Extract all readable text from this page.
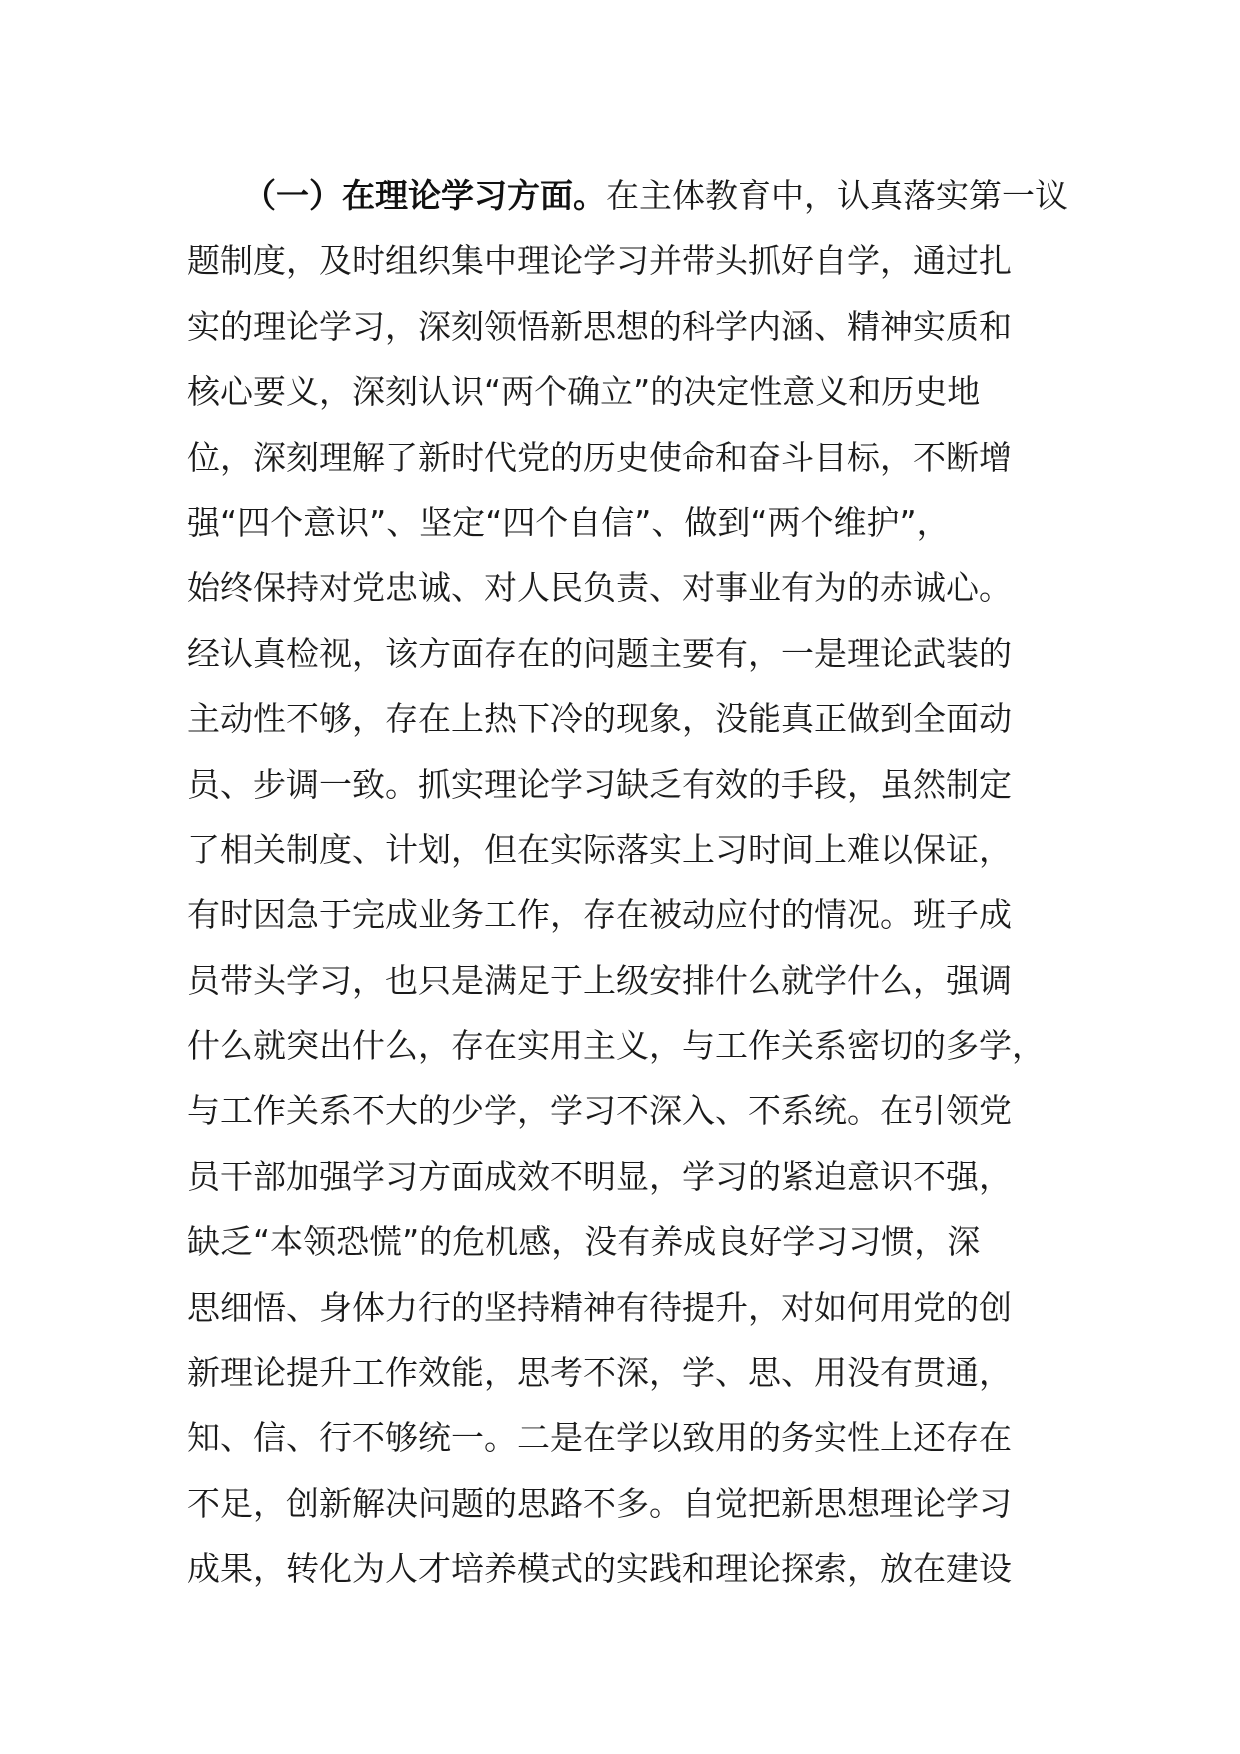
（一）在理论学习方面。在主体教育中，认真落实第一议
题制度，及时组织集中理论学习并带头抓好自学，通过扎
实的理论学习，深刻领悟新思想的科学内涵、精神实质和
核心要义，深刻认识“两个确立”的决定性意义和历史地
位，深刻理解了新时代党的历史使命和奋斗目标，不断增
强“四个意识”、坚定“四个自信”、做到“两个维护”，
始终保持对党忠诚、对人民负责、对事业有为的赤诚心。
经认真检视，该方面存在的问题主要有，一是理论武装的
主动性不够，存在上热下冷的现象，没能真正做到全面动
员、步调一致。抓实理论学习缺乏有效的手段，虽然制定
了相关制度、计划，但在实际落实上习时间上难以保证，
有时因急于完成业务工作，存在被动应付的情况。班子成
员带头学习，也只是满足于上级安排什么就学什么，强调
什么就突出什么，存在实用主义，与工作关系密切的多学，
与工作关系不大的少学，学习不深入、不系统。在引领党
员干部加强学习方面成效不明显，学习的紧迫意识不强，
缺乏“本领恐慌”的危机感，没有养成良好学习习惯，深
思细悟、身体力行的坚持精神有待提升，对如何用党的创
新理论提升工作效能，思考不深，学、思、用没有贯通，
知、信、行不够统一。二是在学以致用的务实性上还存在
不足，创新解决问题的思路不多。自觉把新思想理论学习
成果，转化为人才培养模式的实践和理论探索，放在建设
